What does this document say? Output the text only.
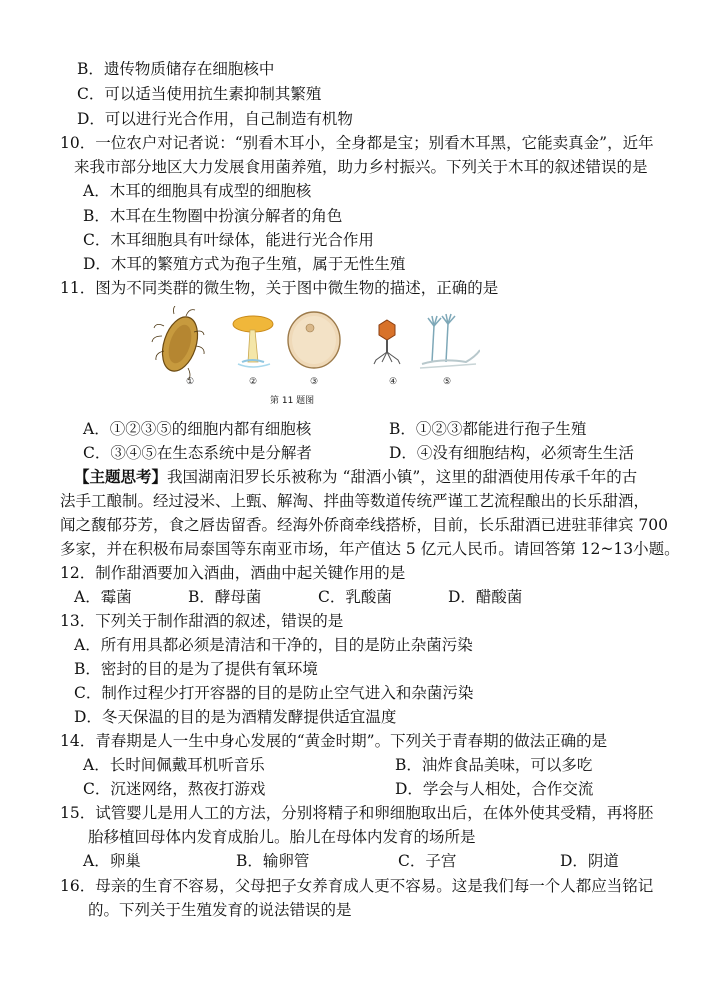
B．遗传物质储存在细胞核中
C．可以适当使用抗生素抑制其繁殖
D．可以进行光合作用，自己制造有机物
10．一位农户对记者说：“别看木耳小，全身都是宝；别看木耳黑，它能卖真金”，近年
来我市部分地区大力发展食用菌养殖，助力乡村振兴。下列关于木耳的叙述错误的是
A．木耳的细胞具有成型的细胞核
B．木耳在生物圈中扮演分解者的角色
C．木耳细胞具有叶绿体，能进行光合作用
D．木耳的繁殖方式为孢子生殖，属于无性生殖
11．图为不同类群的微生物，关于图中微生物的描述，正确的是
①	②	③	④	⑤
第 11 题图
A．①②③⑤的细胞内都有细胞核	B．①②③都能进行孢子生殖
C．③④⑤在生态系统中是分解者	D．④没有细胞结构，必须寄生生活
【主题思考】我国湖南汨罗长乐被称为 “甜酒小镇”，这里的甜酒使用传承千年的古
法手工酿制。经过浸米、上甄、解淘、拌曲等数道传统严谨工艺流程酿出的长乐甜酒，
闻之馥郁芬芳，食之唇齿留香。经海外侨商牵线搭桥，目前，长乐甜酒已进驻菲律宾 700
多家，并在积极布局泰国等东南亚市场，年产值达 5 亿元人民币。请回答第 12~13小题。
12．制作甜酒要加入酒曲，酒曲中起关键作用的是
A．霉菌	B．酵母菌	C．乳酸菌	D．醋酸菌
13．下列关于制作甜酒的叙述，错误的是
A．所有用具都必须是清洁和干净的，目的是防止杂菌污染
B．密封的目的是为了提供有氧环境
C．制作过程少打开容器的目的是防止空气进入和杂菌污染
D．冬天保温的目的是为酒精发酵提供适宜温度
14．青春期是人一生中身心发展的“黄金时期”。下列关于青春期的做法正确的是
A．长时间佩戴耳机听音乐	B．油炸食品美味，可以多吃
C．沉迷网络，熬夜打游戏	D．学会与人相处，合作交流
15．试管婴儿是用人工的方法，分别将精子和卵细胞取出后，在体外使其受精，再将胚
胎移植回母体内发育成胎儿。胎儿在母体内发育的场所是
A．卵巢	B．输卵管	C．子宫	D．阴道
16．母亲的生育不容易，父母把子女养育成人更不容易。这是我们每一个人都应当铭记
的。下列关于生殖发育的说法错误的是
